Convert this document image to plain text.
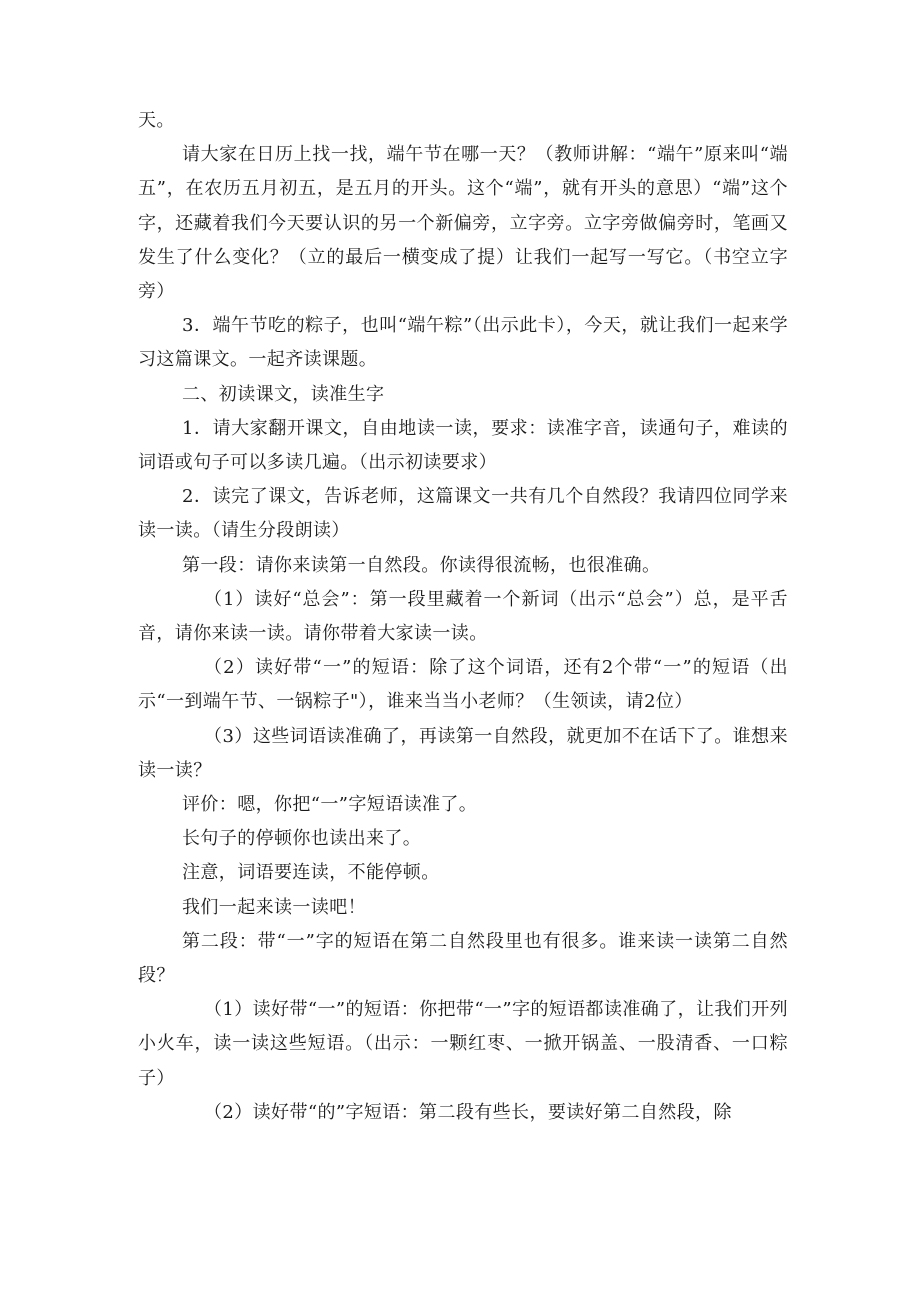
天。

请大家在日历上找一找，端午节在哪一天？（教师讲解：“端午”原来叫“端五”，在农历五月初五，是五月的开头。这个“端”，就有开头的意思）“端”这个字，还藏着我们今天要认识的另一个新偏旁，立字旁。立字旁做偏旁时，笔画又发生了什么变化？（立的最后一横变成了提）让我们一起写一写它。（书空立字旁）

3．端午节吃的粽子，也叫“端午粽”（出示此卡），今天，就让我们一起来学习这篇课文。一起齐读课题。

二、初读课文，读准生字

1．请大家翻开课文，自由地读一读，要求：读准字音，读通句子，难读的词语或句子可以多读几遍。（出示初读要求）

2．读完了课文，告诉老师，这篇课文一共有几个自然段？我请四位同学来读一读。（请生分段朗读）

第一段：请你来读第一自然段。你读得很流畅，也很准确。

（1）读好“总会”：第一段里藏着一个新词（出示“总会”）总，是平舌音，请你来读一读。请你带着大家读一读。

（2）读好带“一”的短语：除了这个词语，还有2个带“一”的短语（出示“一到端午节、一锅粽子"），谁来当当小老师？（生领读，请2位）

（3）这些词语读准确了，再读第一自然段，就更加不在话下了。谁想来读一读？

评价：嗯，你把“一”字短语读准了。

长句子的停顿你也读出来了。

注意，词语要连读，不能停顿。

我们一起来读一读吧！

第二段：带“一”字的短语在第二自然段里也有很多。谁来读一读第二自然段？

（1）读好带“一”的短语：你把带“一”字的短语都读准确了，让我们开列小火车，读一读这些短语。（出示：一颗红枣、一掀开锅盖、一股清香、一口粽子）

（2）读好带“的”字短语：第二段有些长，要读好第二自然段，除
